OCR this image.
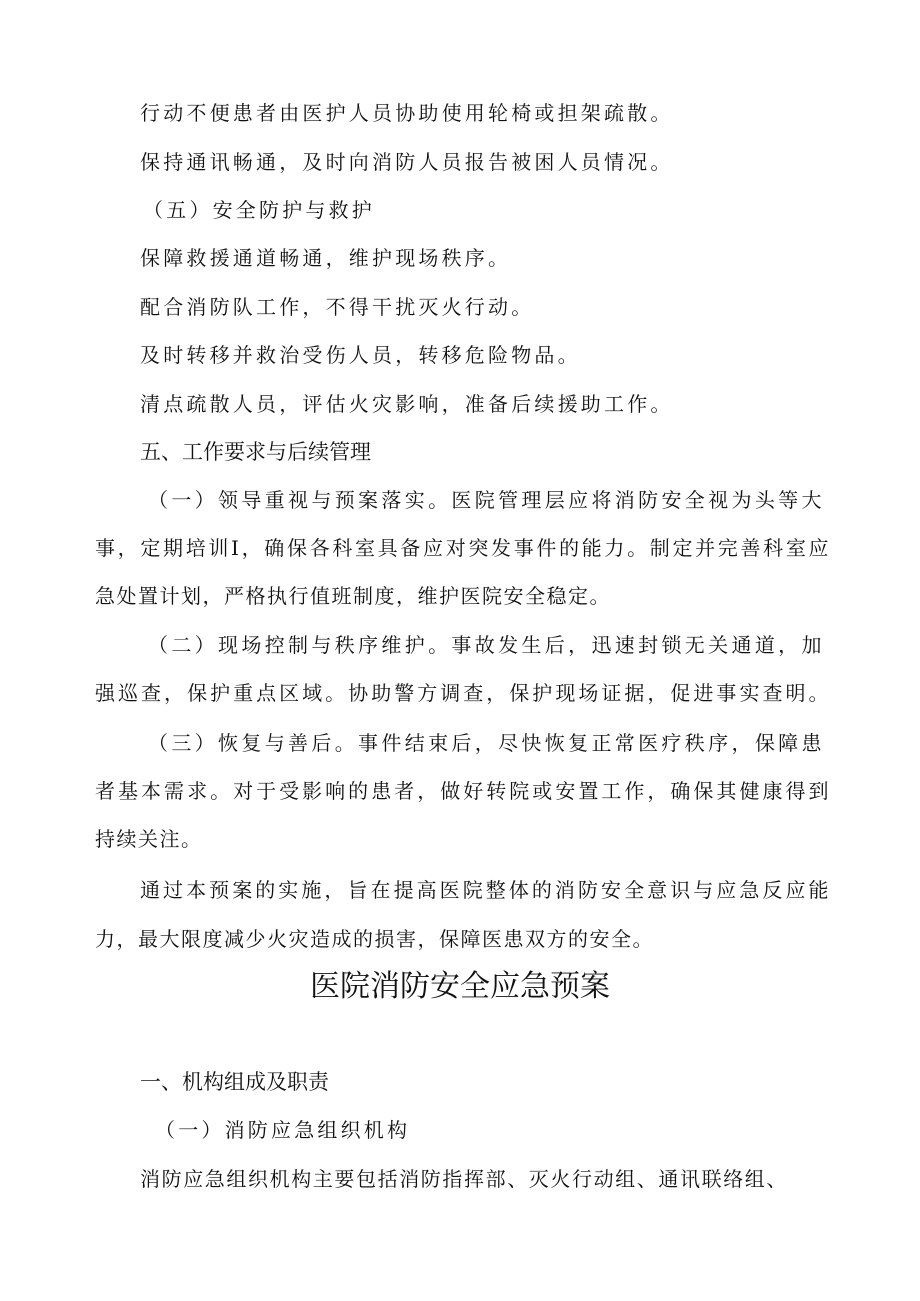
行动不便患者由医护人员协助使用轮椅或担架疏散。
保持通讯畅通，及时向消防人员报告被困人员情况。
（五）安全防护与救护
保障救援通道畅通，维护现场秩序。
配合消防队工作，不得干扰灭火行动。
及时转移并救治受伤人员，转移危险物品。
清点疏散人员，评估火灾影响，准备后续援助工作。
五、工作要求与后续管理
（一）领导重视与预案落实。医院管理层应将消防安全视为头等大
事，定期培训I，确保各科室具备应对突发事件的能力。制定并完善科室应
急处置计划，严格执行值班制度，维护医院安全稳定。
（二）现场控制与秩序维护。事故发生后，迅速封锁无关通道，加
强巡查，保护重点区域。协助警方调查，保护现场证据，促进事实查明。
（三）恢复与善后。事件结束后，尽快恢复正常医疗秩序，保障患
者基本需求。对于受影响的患者，做好转院或安置工作，确保其健康得到
持续关注。
通过本预案的实施，旨在提高医院整体的消防安全意识与应急反应能
力，最大限度减少火灾造成的损害，保障医患双方的安全。
医院消防安全应急预案
一、机构组成及职责
（一）消防应急组织机构
消防应急组织机构主要包括消防指挥部、灭火行动组、通讯联络组、
